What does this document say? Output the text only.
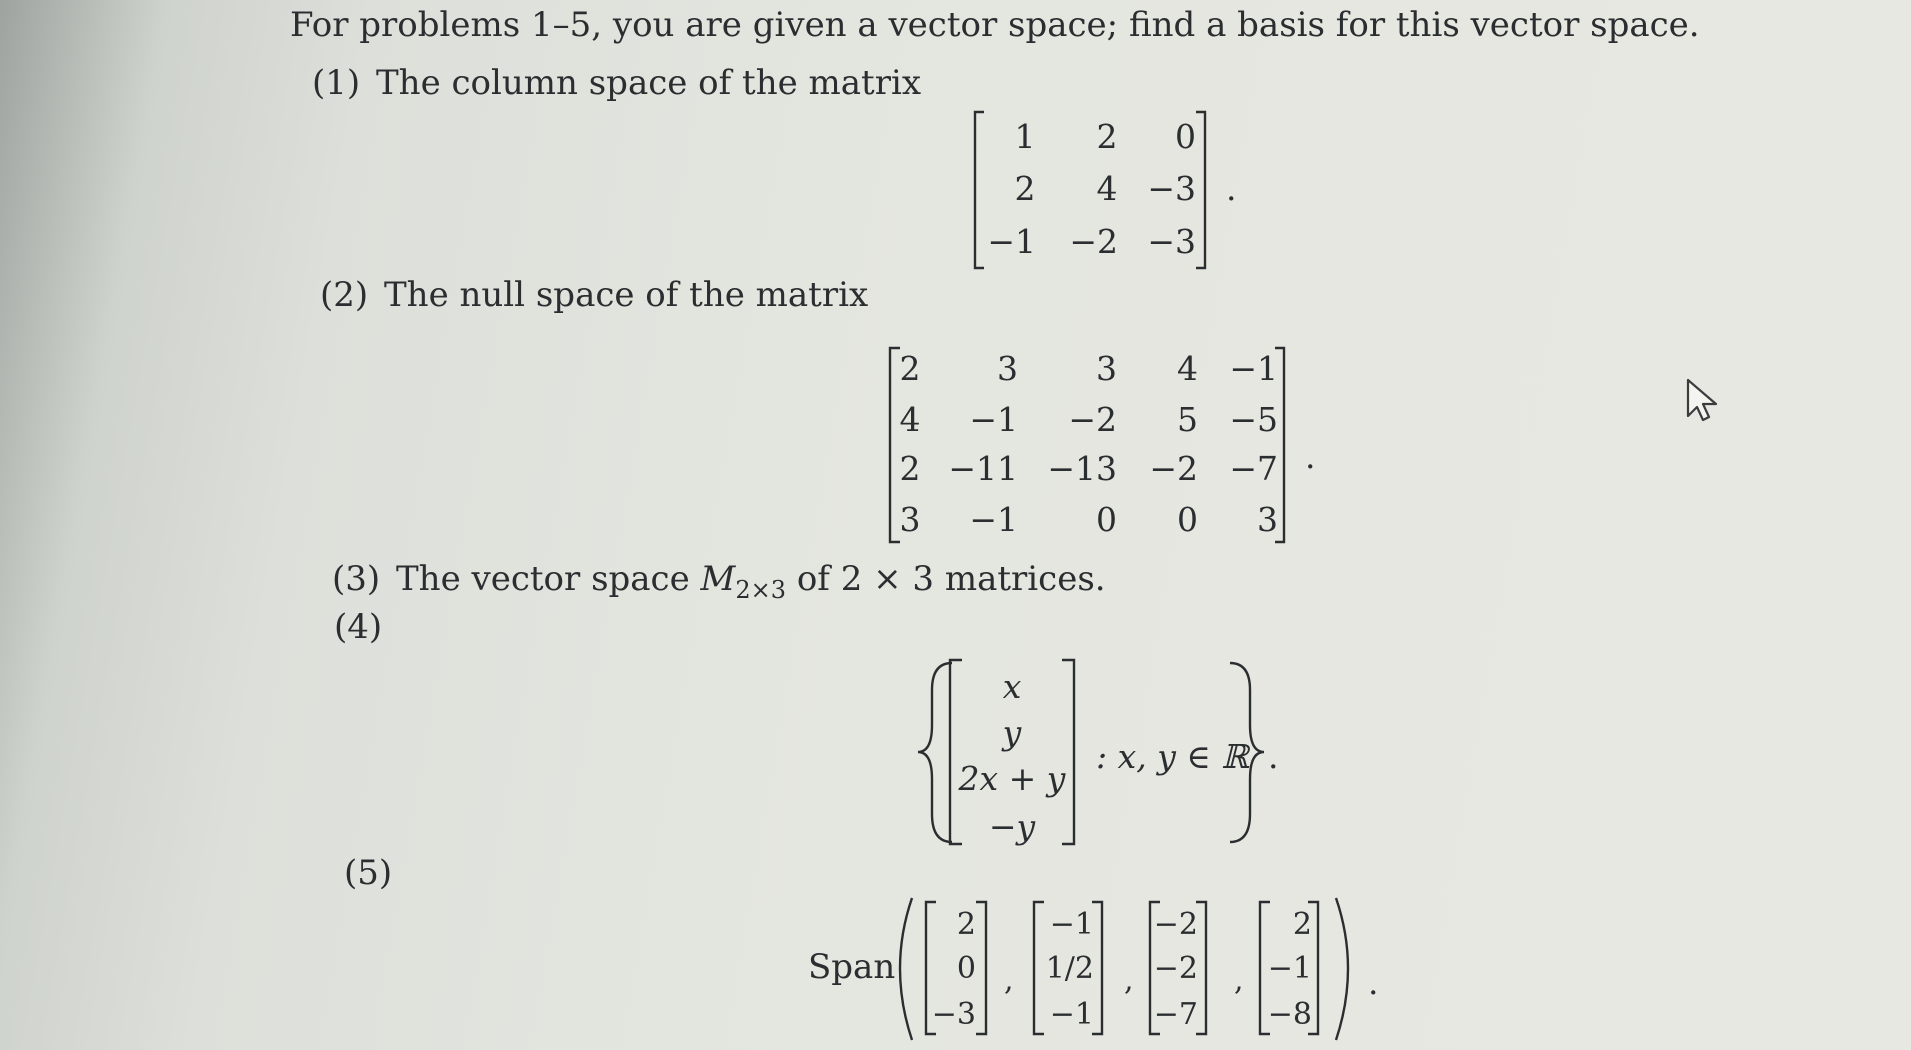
For problems 1–5, you are given a vector space; find a basis for this vector space.
(1) The column space of the matrix
1 2 0
2 4 −3
−1 −2 −3
.
(2) The null space of the matrix
2 3 3 4 −1
4 −1 −2 5 −5
2 −11 −13 −2 −7
3 −1 0 0 3
.
(3) The vector space $M_{2\times 3}$ of 2 × 3 matrices.
(4)
x
y
2x + y
−y
: x, y ∈ ℝ .
(5)
Span
2
0
−3
,
−1
1/2
−1
,
−2
−2
−7
,
2
−1
−8
.
